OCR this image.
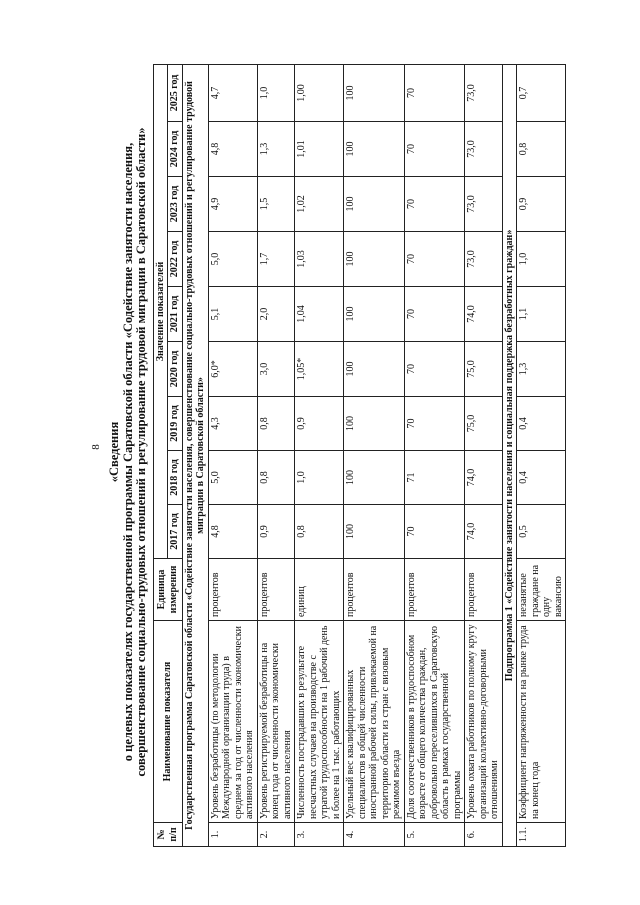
8 «Сведения о целевых показателях государственной программы Саратовской области «Содействие занятости населения, совершенствование социально-трудовых отношений и регулирование трудовой миграции в Саратовской области»
№ п/п	Наименование показателя	Единица измерения	Значение показателей								
			2017 год	2018 год	2019 год	2020 год	2021 год	2022 год	2023 год	2024 год	2025 год
Государственная программа Саратовской области «Содействие занятости населения, совершенствование социально-трудовых отношений и регулирование трудовой миграции в Саратовской области»											
1.	Уровень безработицы (по методологии Международной организации труда) в среднем за год от численности экономически активного населения	процентов	4,8	5,0	4,3	6,0*	5,1	5,0	4,9	4,8	4,7
2.	Уровень регистрируемой безработицы на конец года от численности экономически активного населения	процентов	0,9	0,8	0,8	3,0	2,0	1,7	1,5	1,3	1,0
3.	Численность пострадавших в результате несчастных случаев на производстве с утратой трудоспособности на 1 рабочий день и более на 1 тыс. работающих	единиц	0,8	1,0	0,9	1,05*	1,04	1,03	1,02	1,01	1,00
4.	Удельный вес квалифицированных специалистов в общей численности иностранной рабочей силы, привлекаемой на территорию области из стран с визовым режимом въезда	процентов	100	100	100	100	100	100	100	100	100
5.	Доля соотечественников в трудоспособном возрасте от общего количества граждан, добровольно переселившихся в Саратовскую область в рамках государственной программы	процентов	70	71	70	70	70	70	70	70	70
6.	Уровень охвата работников по полному кругу организаций коллективно-договорными отношениями	процентов	74,0	74,0	75,0	75,0	74,0	73,0	73,0	73,0	73,0
Подпрограмма 1 «Содействие занятости населения и социальная поддержка безработных граждан»											
1.1.	Коэффициент напряженности на рынке труда на конец года	незанятые граждане на одну вакансию	0,5	0,4	0,4	1,3	1,1	1,0	0,9	0,8	0,7
